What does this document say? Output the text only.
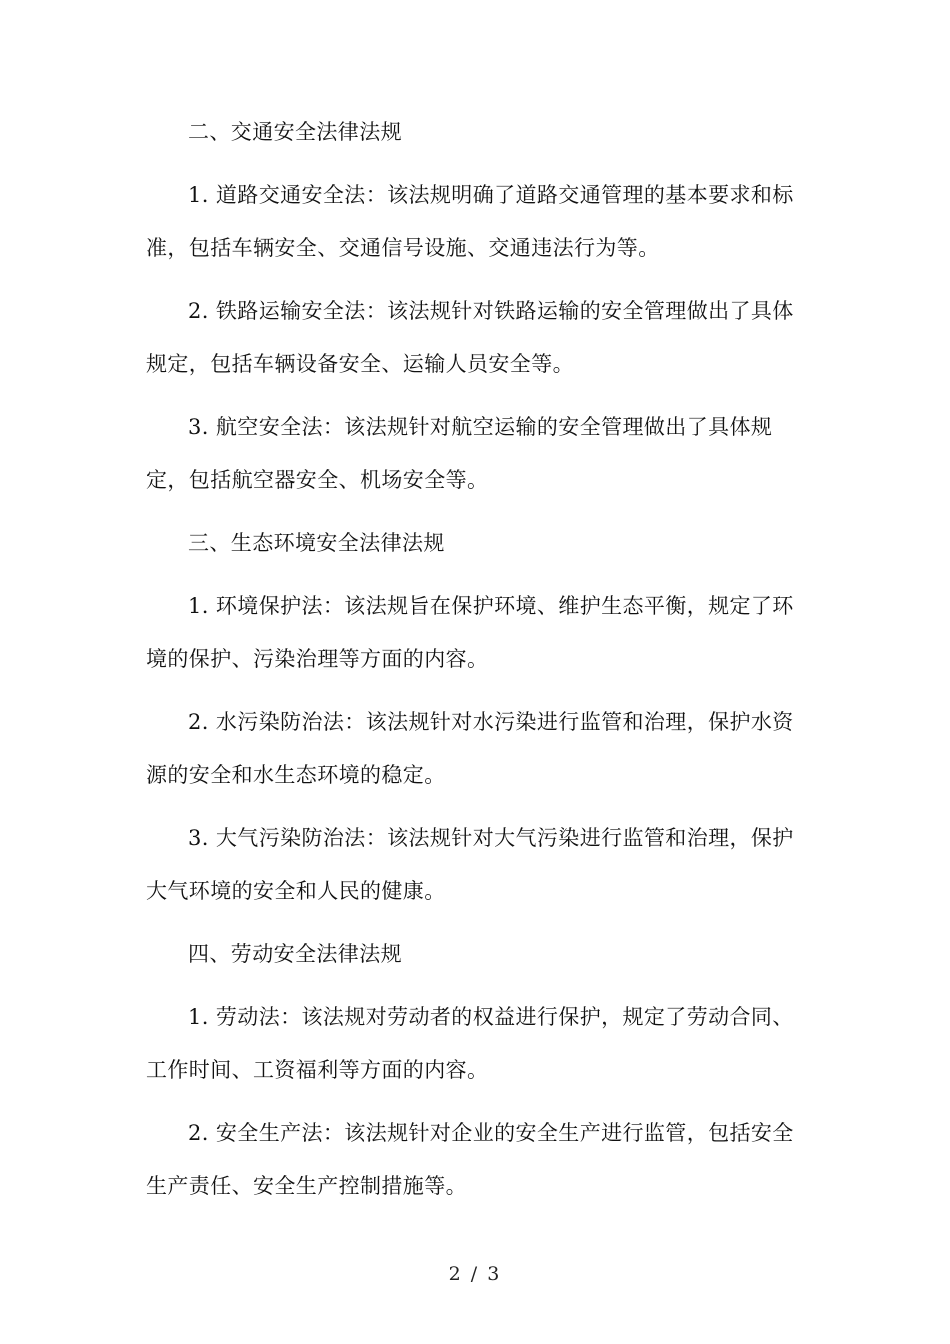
二、交通安全法律法规

1. 道路交通安全法：该法规明确了道路交通管理的基本要求和标准，包括车辆安全、交通信号设施、交通违法行为等。

2. 铁路运输安全法：该法规针对铁路运输的安全管理做出了具体规定，包括车辆设备安全、运输人员安全等。

3. 航空安全法：该法规针对航空运输的安全管理做出了具体规定，包括航空器安全、机场安全等。

三、生态环境安全法律法规

1. 环境保护法：该法规旨在保护环境、维护生态平衡，规定了环境的保护、污染治理等方面的内容。

2. 水污染防治法：该法规针对水污染进行监管和治理，保护水资源的安全和水生态环境的稳定。

3. 大气污染防治法：该法规针对大气污染进行监管和治理，保护大气环境的安全和人民的健康。

四、劳动安全法律法规

1. 劳动法：该法规对劳动者的权益进行保护，规定了劳动合同、工作时间、工资福利等方面的内容。

2. 安全生产法：该法规针对企业的安全生产进行监管，包括安全生产责任、安全生产控制措施等。

2 / 3
